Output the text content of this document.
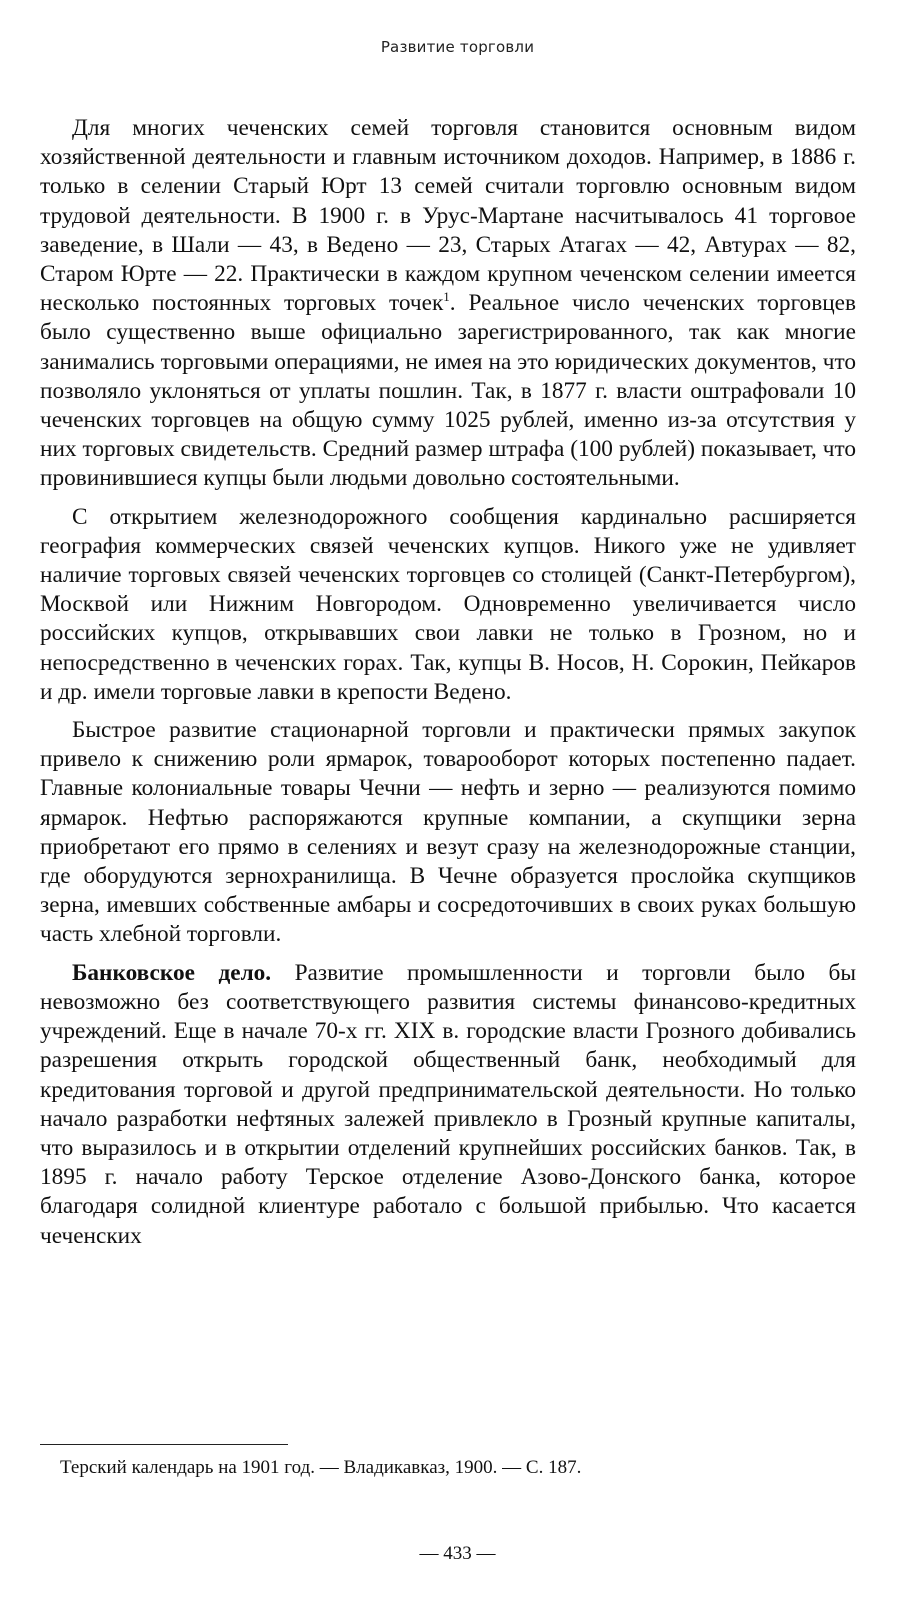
Развитие торговли

Для многих чеченских семей торговля становится основным видом хозяйственной деятельности и главным источником доходов. Например, в 1886 г. только в селении Старый Юрт 13 семей считали торговлю основным видом трудовой деятельности. В 1900 г. в Урус-Мартане насчитывалось 41 торговое заведение, в Шали — 43, в Ведено — 23, Старых Атагах — 42, Автурах — 82, Старом Юрте — 22. Практически в каждом крупном чеченском селении имеется несколько постоянных торговых точек$^1$. Реальное число чеченских торговцев было существенно выше официально зарегистрированного, так как многие занимались торговыми операциями, не имея на это юридических документов, что позволяло уклоняться от уплаты пошлин. Так, в 1877 г. власти оштрафовали 10 чеченских торговцев на общую сумму 1025 рублей, именно из-за отсутствия у них торговых свидетельств. Средний размер штрафа (100 рублей) показывает, что провинившиеся купцы были людьми довольно состоятельными.

С открытием железнодорожного сообщения кардинально расширяется география коммерческих связей чеченских купцов. Никого уже не удивляет наличие торговых связей чеченских торговцев со столицей (Санкт-Петербургом), Москвой или Нижним Новгородом. Одновременно увеличивается число российских купцов, открывавших свои лавки не только в Грозном, но и непосредственно в чеченских горах. Так, купцы В. Носов, Н. Сорокин, Пейкаров и др. имели торговые лавки в крепости Ведено.

Быстрое развитие стационарной торговли и практически прямых закупок привело к снижению роли ярмарок, товарооборот которых постепенно падает. Главные колониальные товары Чечни — нефть и зерно — реализуются помимо ярмарок. Нефтью распоряжаются крупные компании, а скупщики зерна приобретают его прямо в селениях и везут сразу на железнодорожные станции, где оборудуются зернохранилища. В Чечне образуется прослойка скупщиков зерна, имевших собственные амбары и сосредоточивших в своих руках большую часть хлебной торговли.

Банковское дело. Развитие промышленности и торговли было бы невозможно без соответствующего развития системы финансово-кредитных учреждений. Еще в начале 70-х гг. XIX в. городские власти Грозного добивались разрешения открыть городской общественный банк, необходимый для кредитования торговой и другой предпринимательской деятельности. Но только начало разработки нефтяных залежей привлекло в Грозный крупные капиталы, что выразилось и в открытии отделений крупнейших российских банков. Так, в 1895 г. начало работу Терское отделение Азово-Донского банка, которое благодаря солидной клиентуре работало с большой прибылью. Что касается чеченских

Терский календарь на 1901 год. — Владикавказ, 1900. — С. 187.
— 433 —
